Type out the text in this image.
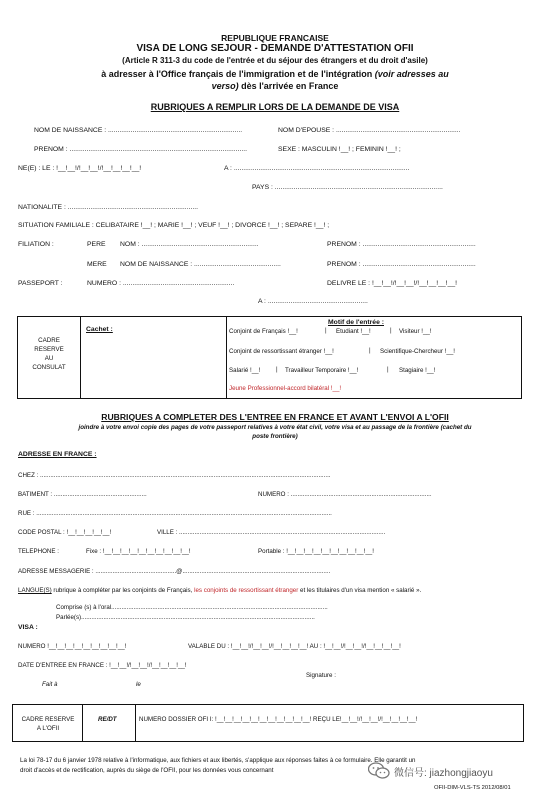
REPUBLIQUE FRANCAISE
VISA DE LONG SEJOUR - DEMANDE D'ATTESTATION OFII
(Article R 311-3 du code de l'entrée et du séjour des étrangers et du droit d'asile)
à adresser à l'Office français de l'immigration et de l'intégration (voir adresses au
verso) dès l'arrivée en France
RUBRIQUES A REMPLIR LORS DE LA DEMANDE DE VISA
NOM DE NAISSANCE : .......................................................................	NOM D'EPOUSE : ..................................................................
PRENOM : ..............................................................................................	SEXE : MASCULIN !__! ; FEMININ !__! ;
NE(E) : LE : !__!__!/!__!__!/!__!__!__!__!	A : .............................................................................................
PAYS : .........................................................................................
NATIONALITE : .....................................................................
SITUATION FAMILIALE : CELIBATAIRE !__! ; MARIE !__! ; VEUF !__! ; DIVORCE !__! ; SEPARE !__! ;
FILIATION :	PERE NOM : ..............................................................	PRENOM : ............................................................
MERE NOM DE NAISSANCE : ..............................................	PRENOM : ............................................................
PASSEPORT :	NUMERO : ...........................................................	DELIVRE LE : !__!__!/!__!__!/!__!__!__!__!
A : .....................................................
CADRE
RESERVE
AU
CONSULAT
Cachet :
Motif de l'entrée :
Conjoint de Français !__!	| Etudiant !__!	| Visiteur !__!
Conjoint de ressortissant étranger !__!	| Scientifique-Chercheur !__!
Salarié !__!	| Travailleur Temporaire !__!	| Stagiaire !__!
Jeune Professionnel-accord bilatéral !__!
RUBRIQUES A COMPLETER DES L'ENTREE EN FRANCE ET AVANT L'ENVOI A L'OFII
joindre à votre envoi copie des pages de votre passeport relatives à votre état civil, votre visa et au passage de la frontière (cachet du
poste frontière)
ADRESSE EN FRANCE :
CHEZ : .........................................................................................................................................................................
BATIMENT : ......................................................	NUMERO : ..................................................................................
RUE : ............................................................................................................................................................................
CODE POSTAL : !__!__!__!__!__!	VILLE : ........................................................................................................................
TELEPHONE :	Fixe : !__!__!__!__!__!__!__!__!__!__!	Portable : !__!__!__!__!__!__!__!__!__!__!
ADRESSE MESSAGERIE : ...............................................@......................................................................................
LANGUE(S) rubrique à compléter par les conjoints de Français, les conjoints de ressortissant étranger et les titulaires d'un visa mention « salarié ».
Comprise (s) à l'oral..............................................................................................................................
Parlée(s)........................................................................................................................................
VISA :
NUMERO !__!__!__!__!__!__!__!__!__!	VALABLE DU : !__!__!/!__!__!/!__!__!__!__! AU : !__!__!/!__!__!/!__!__!__!__!
DATE D'ENTREE EN FRANCE : !__!__!/!__!__!/!__!__!__!__!
Signature :
Fait à	le
CADRE RESERVE
A L'OFII
RE/DT	NUMERO DOSSIER OFI I: !__!__!__!__!__!__!__!__!__!__!__! REÇU LE!__!__!/!__!__!/!__!__!__!__!
La loi 78-17 du 6 janvier 1978 relative à l'informatique, aux fichiers et aux libertés, s'applique aux réponses faites à ce formulaire. Elle garantit un
droit d'accès et de rectification, auprès du siège de l'OFII, pour les données vous concernant
OFII-DIM-VLS-TS 2012/08/01
微信号: jiazhongjiaoyu
